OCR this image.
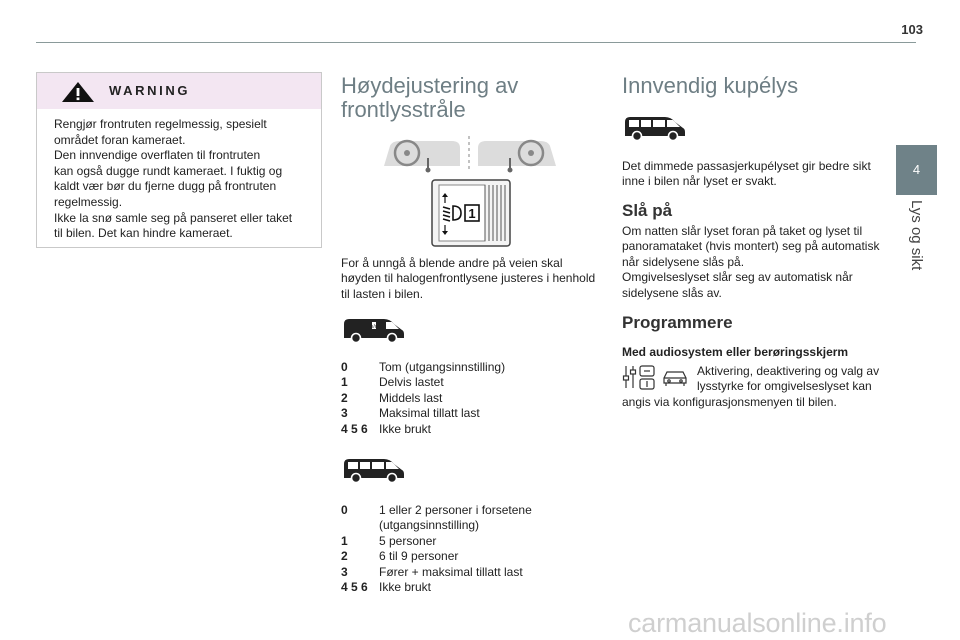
103
4
Lys og sikt
WARNING

Rengjør frontruten regelmessig, spesielt

området foran kameraet.

Den innvendige overflaten til frontruten

kan også dugge rundt kameraet. I fuktig og

kaldt vær bør du fjerne dugg på frontruten

regelmessig.

Ikke la snø samle seg på panseret eller taket

til bilen. Det kan hindre kameraet.

Høydejustering av
frontlysstråle
1

For å unngå å blende andre på veien skal

høyden til halogenfrontlysene justeres i henhold

til lasten i bilen.

ı/ı
0	Tom (utgangsinnstilling)
1	Delvis lastet
2	Middels last
3	Maksimal tillatt last
4 5 6 Ikke brukt
0	1 eller 2 personer i forsetene
(utgangsinnstilling)
1	5 personer
2	6 til 9 personer
3	Fører + maksimal tillatt last
4 5 6 Ikke brukt
Innvendig kupélys

Det dimmede passasjerkupélyset gir bedre sikt

inne i bilen når lyset er svakt.

Slå på

Om natten slår lyset foran på taket og lyset til

panoramataket (hvis montert) seg på automatisk

når sidelysene slås på.

Omgivelseslyset slår seg av automatisk når

sidelysene slås av.

Programmere
Med audiosystem eller berøringsskjerm

Aktivering, deaktivering og valg av

lysstyrke for omgivelseslyset kan

angis via konfigurasjonsmenyen til bilen.

carmanualsonline.info
